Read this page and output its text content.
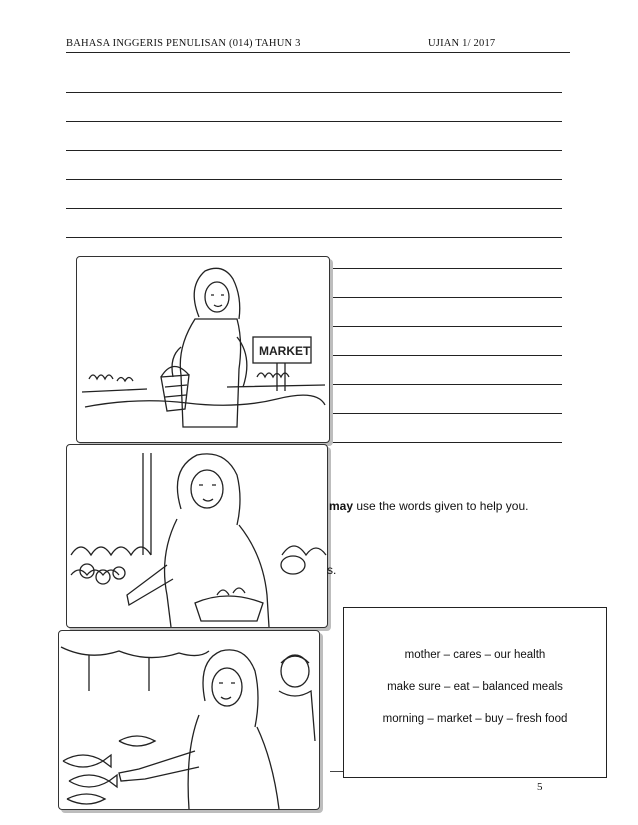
BAHASA INGGERIS PENULISAN (014) TAHUN 3	UJIAN 1/ 2017
MARKET
may use the words given to help you.
s.
mother – cares – our health
make sure – eat – balanced meals
morning – market – buy – fresh food
5
